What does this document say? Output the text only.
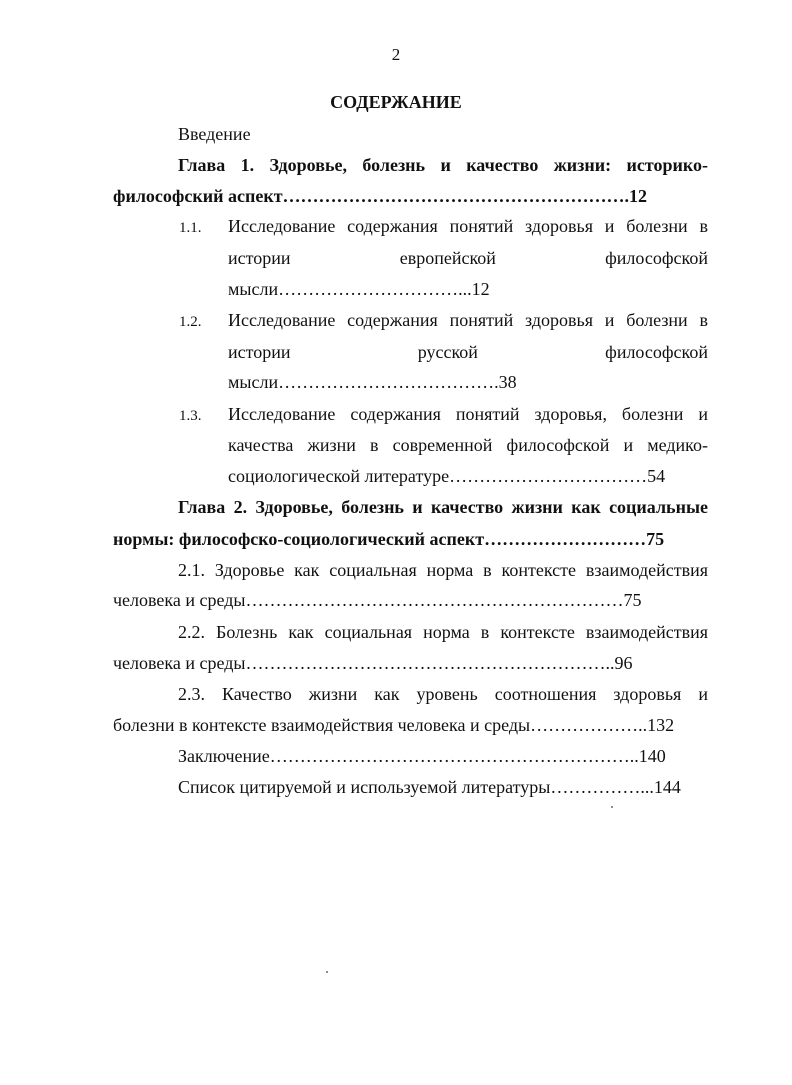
2
СОДЕРЖАНИЕ
Введение
Глава 1. Здоровье, болезнь и качество жизни: историко-
философский аспект………………………………………………….12
1.1. Исследование содержания понятий здоровья и болезни в
истории	европейской	философской
мысли…………………………...12
1.2. Исследование содержания понятий здоровья и болезни в
истории	русской	философской
мысли……………………………….38
1.3. Исследование содержания понятий здоровья, болезни и
качества жизни в современной философской и медико-
социологической литературе……………………………54
Глава 2. Здоровье, болезнь и качество жизни как социальные
нормы: философско-социологический аспект………………………75
2.1. Здоровье как социальная норма в контексте взаимодействия
человека и среды………………………………………………………75
2.2. Болезнь как социальная норма в контексте взаимодействия
человека и среды……………………………………………………..96
2.3. Качество жизни как уровень соотношения здоровья и
болезни в контексте взаимодействия человека и среды………………..132
Заключение……………………………………………………..140
Список цитируемой и используемой литературы……………...144
